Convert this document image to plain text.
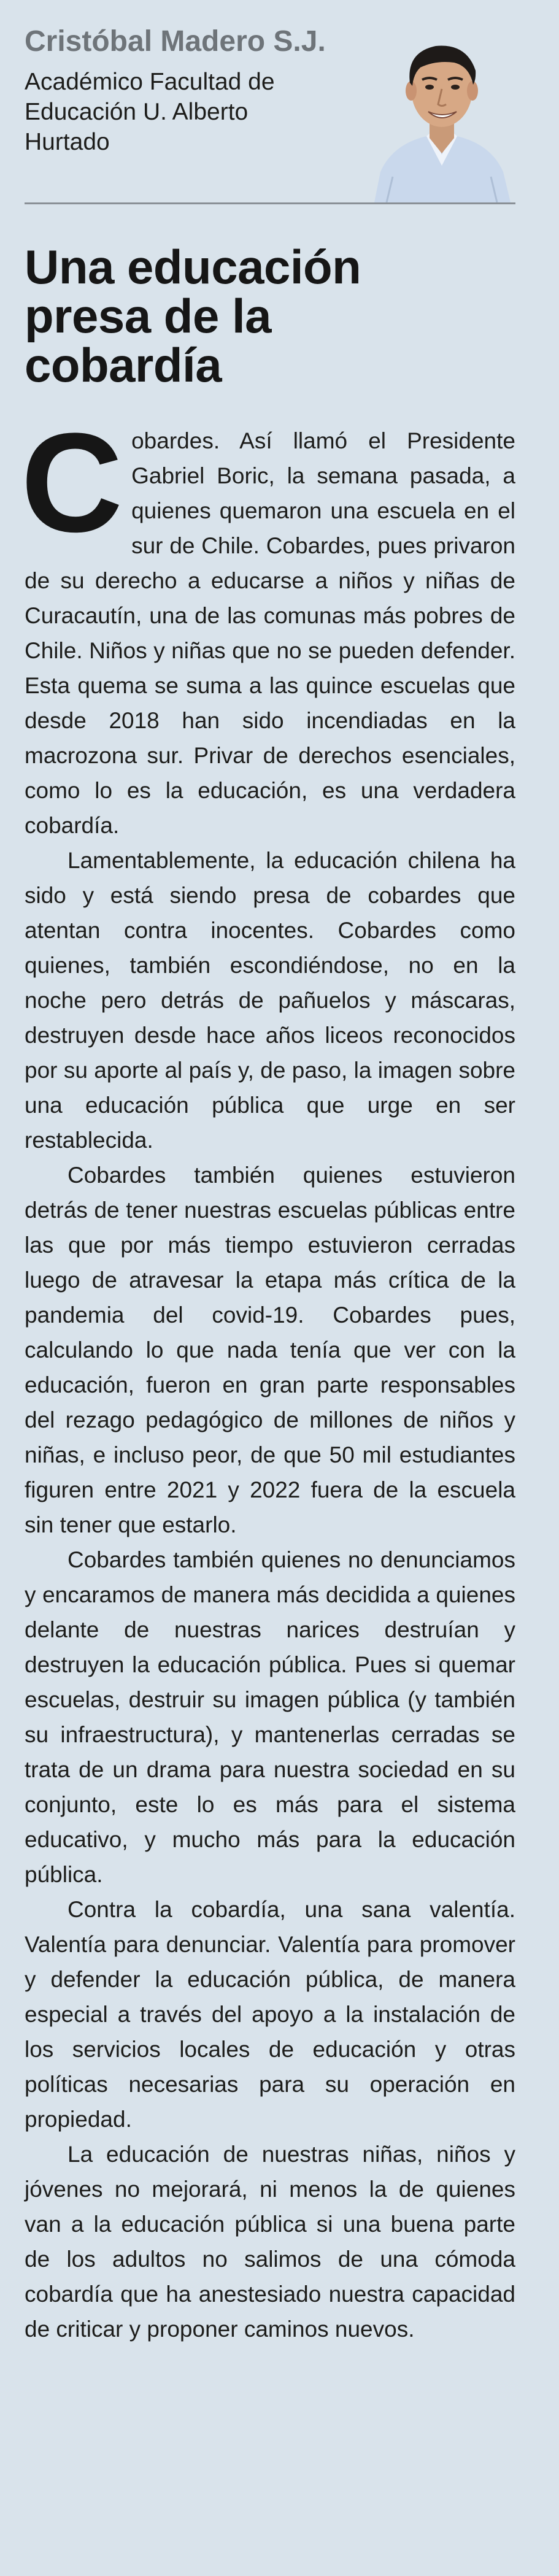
Cristóbal Madero S.J.
Académico Facultad de
Educación U. Alberto
Hurtado
Una educación
presa de la
cobardía

Cobardes. Así llamó el Presidente Gabriel Boric, la semana pasada, a quienes quemaron una escuela en el sur de Chile. Cobardes, pues privaron de su derecho a educarse a niños y niñas de Curacautín, una de las comunas más pobres de Chile. Niños y niñas que no se pueden defender. Esta quema se suma a las quince escuelas que desde 2018 han sido incendiadas en la macrozona sur. Privar de derechos esenciales, como lo es la educación, es una verdadera cobardía.

Lamentablemente, la educación chilena ha sido y está siendo presa de cobardes que atentan contra inocentes. Cobardes como quienes, también escondiéndose, no en la noche pero detrás de pañuelos y máscaras, destruyen desde hace años liceos reconocidos por su aporte al país y, de paso, la imagen sobre una educación pública que urge en ser restablecida.

Cobardes también quienes estuvieron detrás de tener nuestras escuelas públicas entre las que por más tiempo estuvieron cerradas luego de atravesar la etapa más crítica de la pandemia del covid-19. Cobardes pues, calculando lo que nada tenía que ver con la educación, fueron en gran parte responsables del rezago pedagógico de millones de niños y niñas, e incluso peor, de que 50 mil estudiantes figuren entre 2021 y 2022 fuera de la escuela sin tener que estarlo.

Cobardes también quienes no denunciamos y encaramos de manera más decidida a quienes delante de nuestras narices destruían y destruyen la educación pública. Pues si quemar escuelas, destruir su imagen pública (y también su infraestructura), y mantenerlas cerradas se trata de un drama para nuestra sociedad en su conjunto, este lo es más para el sistema educativo, y mucho más para la educación pública.

Contra la cobardía, una sana valentía. Valentía para denunciar. Valentía para promover y defender la educación pública, de manera especial a través del apoyo a la instalación de los servicios locales de educación y otras políticas necesarias para su operación en propiedad.

La educación de nuestras niñas, niños y jóvenes no mejorará, ni menos la de quienes van a la educación pública si una buena parte de los adultos no salimos de una cómoda cobardía que ha anestesiado nuestra capacidad de criticar y proponer caminos nuevos.
